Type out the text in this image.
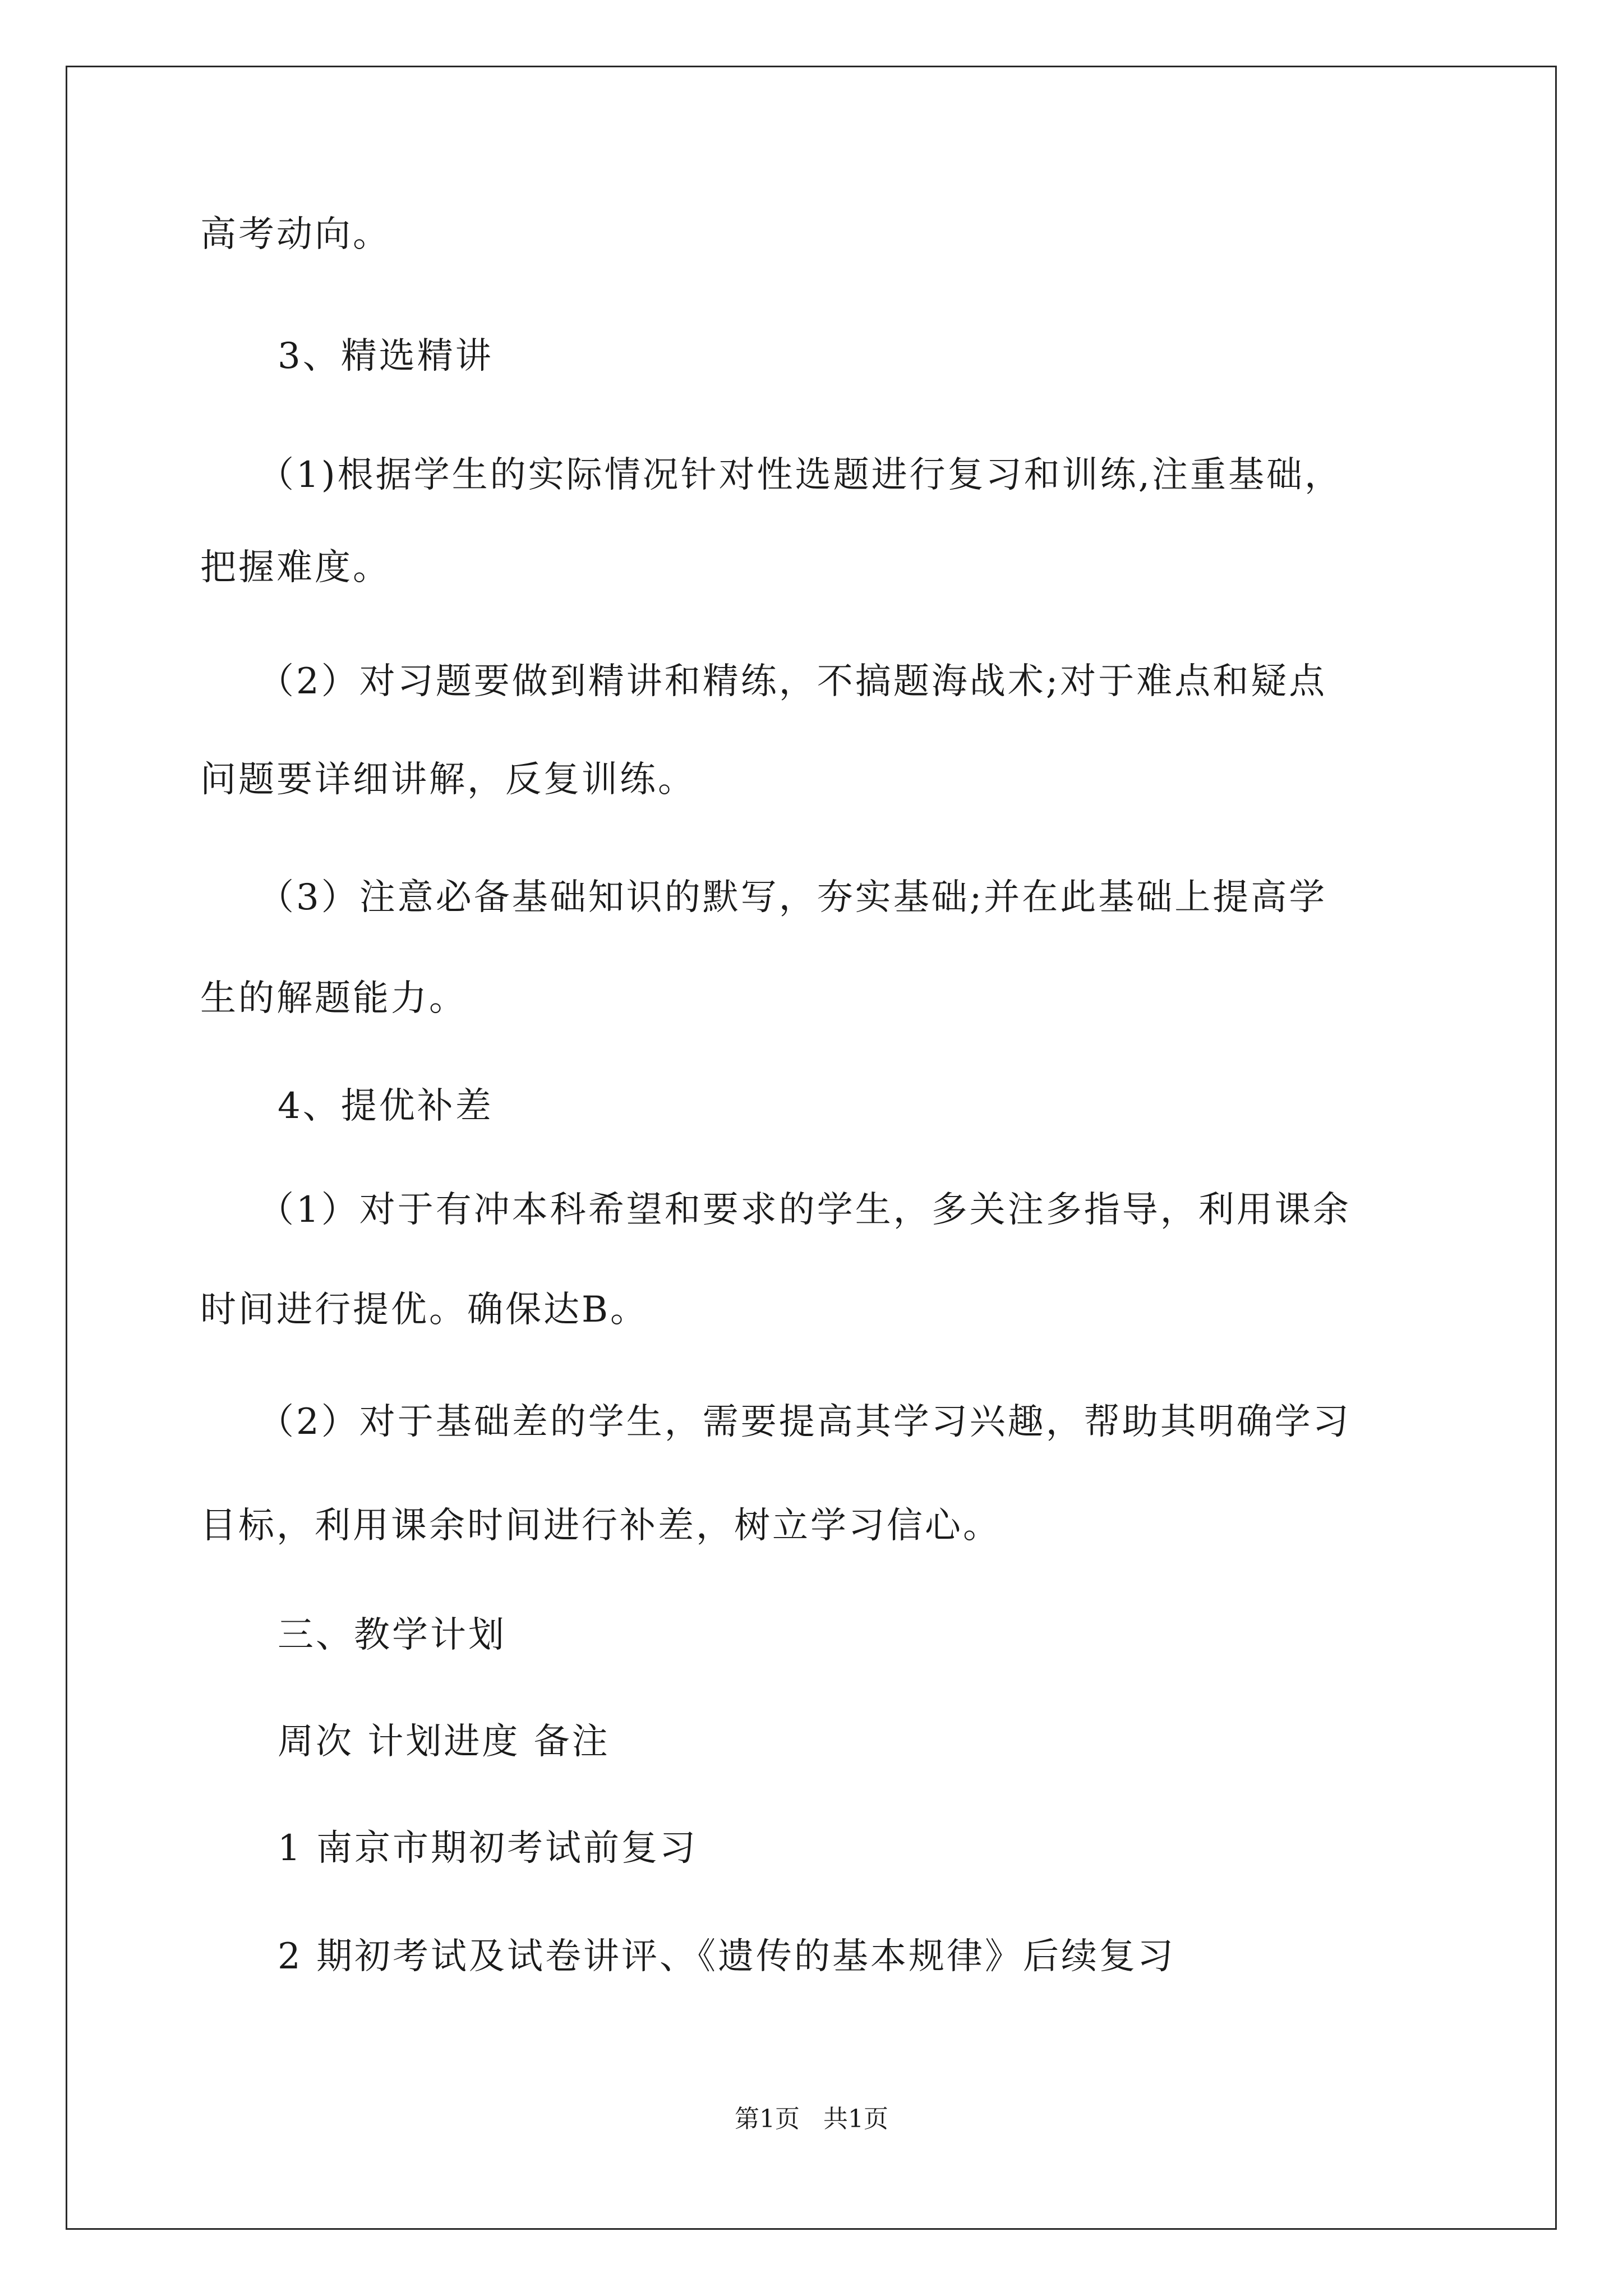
高考动向。
3、精选精讲
（1)根据学生的实际情况针对性选题进行复习和训练,注重基础，
把握难度。
（2）对习题要做到精讲和精练，不搞题海战术;对于难点和疑点
问题要详细讲解，反复训练。
（3）注意必备基础知识的默写，夯实基础;并在此基础上提高学
生的解题能力。
4、提优补差
（1）对于有冲本科希望和要求的学生，多关注多指导，利用课余
时间进行提优。确保达B。
（2）对于基础差的学生，需要提高其学习兴趣，帮助其明确学习
目标，利用课余时间进行补差，树立学习信心。
三、教学计划
周次 计划进度 备注
1 南京市期初考试前复习
2 期初考试及试卷讲评、《遗传的基本规律》后续复习
第1页   共1页
